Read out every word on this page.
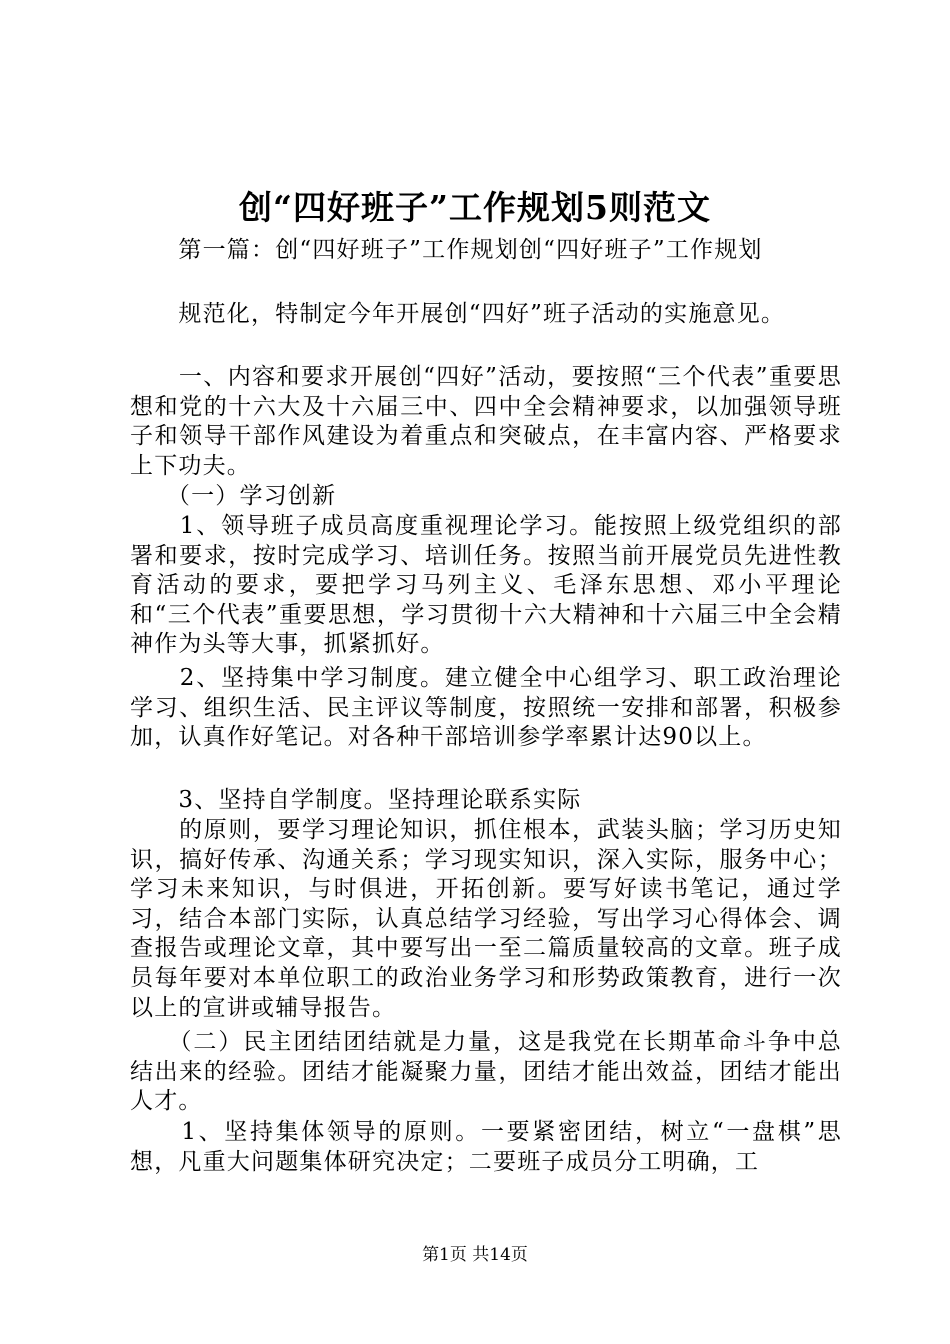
创“四好班子”工作规划5则范文
　　第一篇：创“四好班子”工作规划创“四好班子”工作规划
　　规范化，特制定今年开展创“四好”班子活动的实施意见。
　　一、内容和要求开展创“四好”活动，要按照“三个代表”重要思想和党的十六大及十六届三中、四中全会精神要求，以加强领导班子和领导干部作风建设为着重点和突破点，在丰富内容、严格要求上下功夫。
　　（一）学习创新
　　1、领导班子成员高度重视理论学习。能按照上级党组织的部署和要求，按时完成学习、培训任务。按照当前开展党员先进性教育活动的要求，要把学习马列主义、毛泽东思想、邓小平理论和“三个代表”重要思想，学习贯彻十六大精神和十六届三中全会精神作为头等大事，抓紧抓好。
　　2、坚持集中学习制度。建立健全中心组学习、职工政治理论学习、组织生活、民主评议等制度，按照统一安排和部署，积极参加，认真作好笔记。对各种干部培训参学率累计达90以上。
　　3、坚持自学制度。坚持理论联系实际
　　的原则，要学习理论知识，抓住根本，武装头脑；学习历史知识，搞好传承、沟通关系；学习现实知识，深入实际，服务中心；学习未来知识，与时俱进，开拓创新。要写好读书笔记，通过学习，结合本部门实际，认真总结学习经验，写出学习心得体会、调查报告或理论文章，其中要写出一至二篇质量较高的文章。班子成员每年要对本单位职工的政治业务学习和形势政策教育，进行一次以上的宣讲或辅导报告。
　　（二）民主团结团结就是力量，这是我党在长期革命斗争中总结出来的经验。团结才能凝聚力量，团结才能出效益，团结才能出人才。
　　1、坚持集体领导的原则。一要紧密团结，树立“一盘棋”思想，凡重大问题集体研究决定；二要班子成员分工明确，工
第1页 共14页
